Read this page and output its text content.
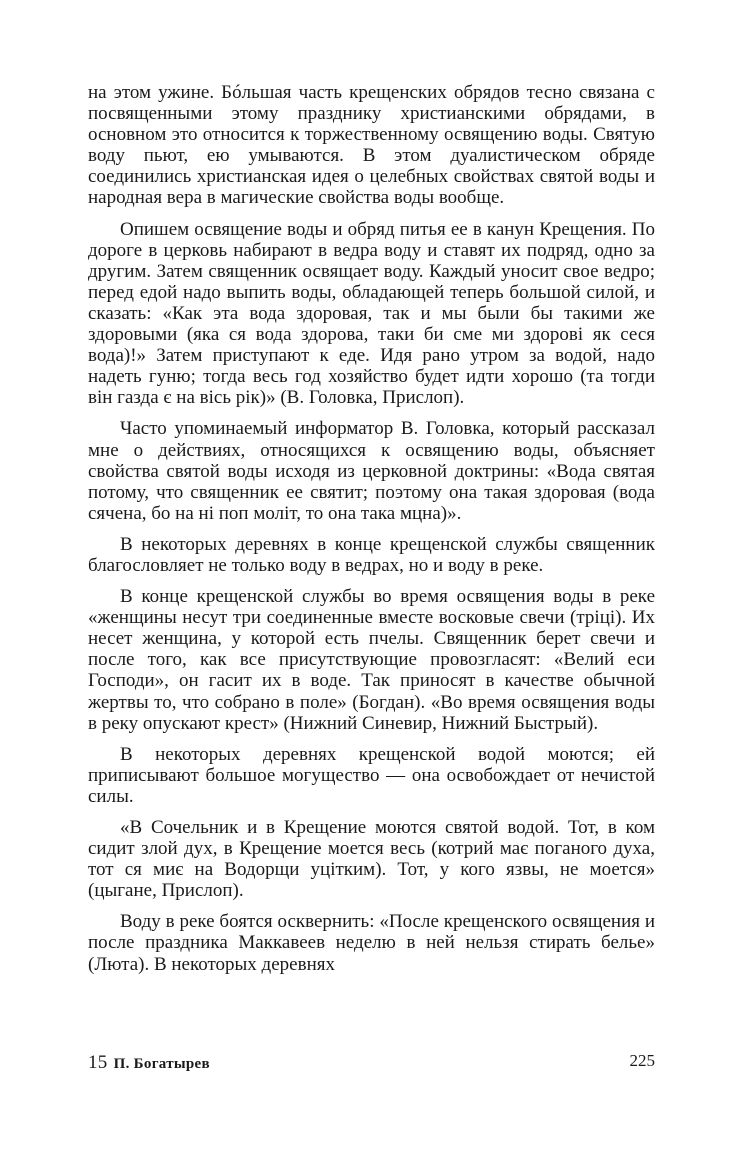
на этом ужине. Бóльшая часть крещенских обрядов тесно связана с посвященными этому празднику христианскими обрядами, в основном это относится к торжественному освящению воды. Святую воду пьют, ею умываются. В этом дуалистическом обряде соединились христианская идея о целебных свойствах святой воды и народная вера в магические свойства воды вообще.

Опишем освящение воды и обряд питья ее в канун Крещения. По дороге в церковь набирают в ведра воду и ставят их подряд, одно за другим. Затем священник освящает воду. Каждый уносит свое ведро; перед едой надо выпить воды, обладающей теперь большой силой, и сказать: «Как эта вода здоровая, так и мы были бы такими же здоровыми (яка ся вода здорова, таки би сме ми здорові як сеся вода)!» Затем приступают к еде. Идя рано утром за водой, надо надеть гуню; тогда весь год хозяйство будет идти хорошо (та тогди він газда є на вісь рік)» (В. Головка, Прислоп).

Часто упоминаемый информатор В. Головка, который рассказал мне о действиях, относящихся к освящению воды, объясняет свойства святой воды исходя из церковной доктрины: «Вода святая потому, что священник ее святит; поэтому она такая здоровая (вода сячена, бо на ні поп моліт, то она така мцна)».

В некоторых деревнях в конце крещенской службы священник благословляет не только воду в ведрах, но и воду в реке.

В конце крещенской службы во время освящения воды в реке «женщины несут три соединенные вместе восковые свечи (тріці). Их несет женщина, у которой есть пчелы. Священник берет свечи и после того, как все присутствующие провозгласят: «Велий еси Господи», он гасит их в воде. Так приносят в качестве обычной жертвы то, что собрано в поле» (Богдан). «Во время освящения воды в реку опускают крест» (Нижний Синевир, Нижний Быстрый).

В некоторых деревнях крещенской водой моются; ей приписывают большое могущество — она освобождает от нечистой силы.

«В Сочельник и в Крещение моются святой водой. Тот, в ком сидит злой дух, в Крещение моется весь (котрий має поганого духа, тот ся миє на Водорщи уцітким). Тот, у кого язвы, не моется» (цыгане, Прислоп).

Воду в реке боятся осквернить: «После крещенского освящения и после праздника Маккавеев неделю в ней нельзя стирать белье» (Люта). В некоторых деревнях

15 П. Богатырев	225
